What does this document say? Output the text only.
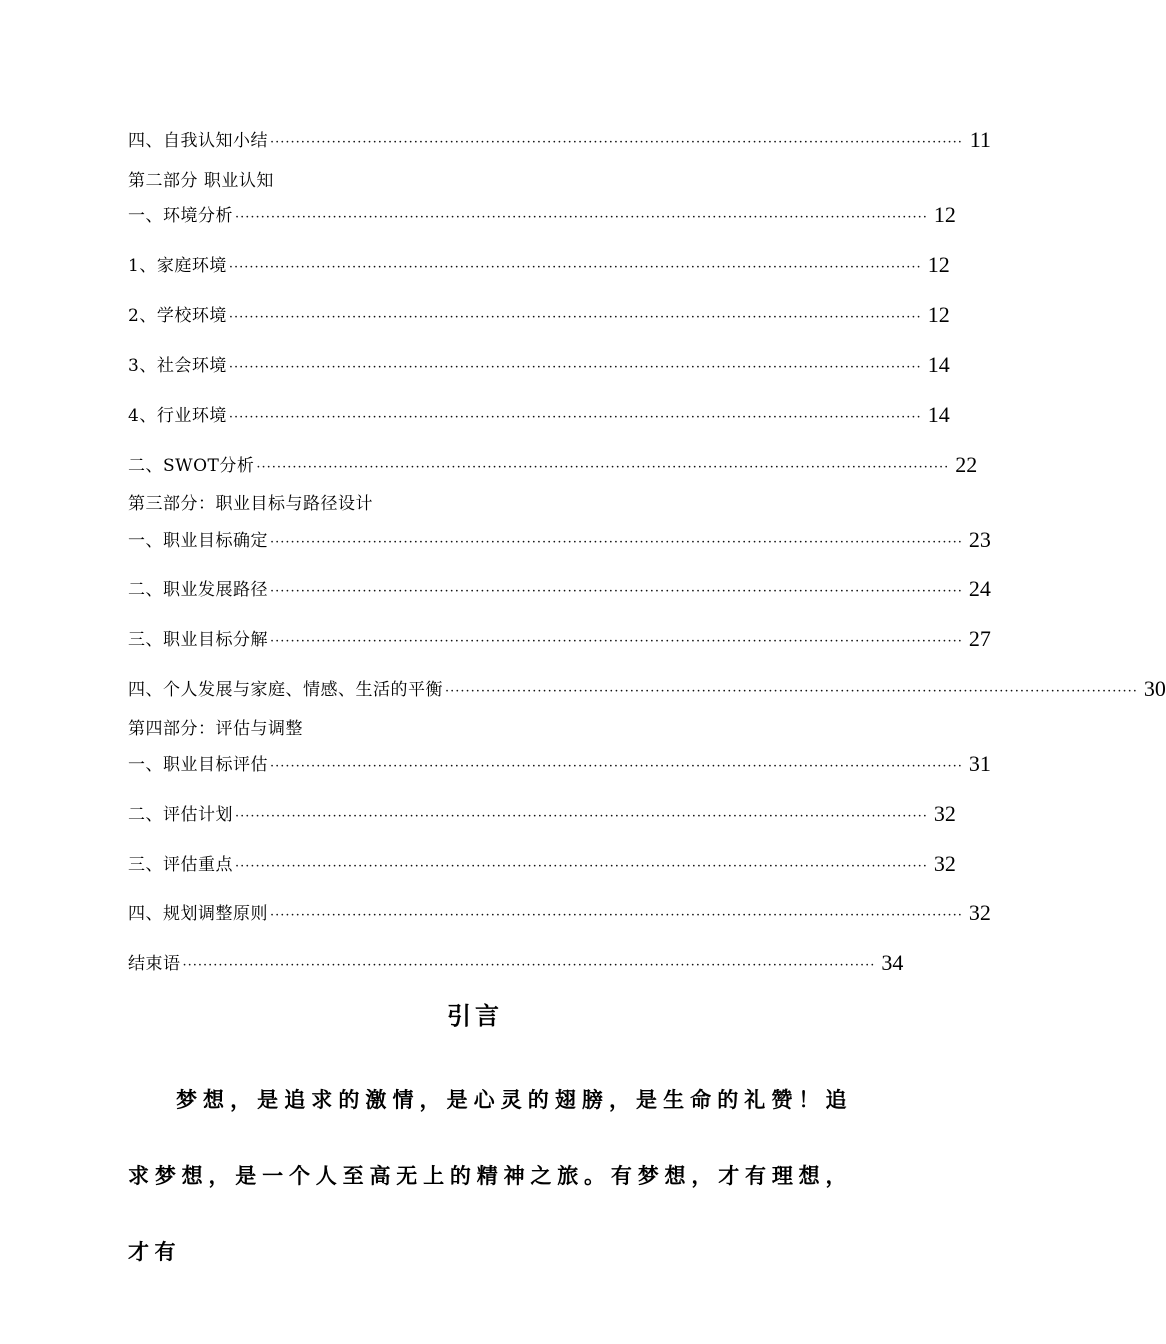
四、自我认知小结 ······································································································································· 11
第二部分 职业认知
一、环境分析 ······································································································································· 12
1、家庭环境 ······································································································································· 12
2、学校环境 ······································································································································· 12
3、社会环境 ······································································································································· 14
4、行业环境 ······································································································································· 14
二、SWOT分析 ······································································································································· 22
第三部分：职业目标与路径设计
一、职业目标确定 ······································································································································· 23
二、职业发展路径 ······································································································································· 24
三、职业目标分解 ······································································································································· 27
四、个人发展与家庭、情感、生活的平衡 ······································································································································· 30
第四部分：评估与调整
一、职业目标评估 ······································································································································· 31
二、评估计划 ······································································································································· 32
三、评估重点 ······································································································································· 32
四、规划调整原则 ······································································································································· 32
结束语 ······································································································································· 34
引言

梦想，是追求的激情，是心灵的翅膀，是生命的礼赞！追求梦想，是一个人至高无上的精神之旅。有梦想，才有理想，才有
